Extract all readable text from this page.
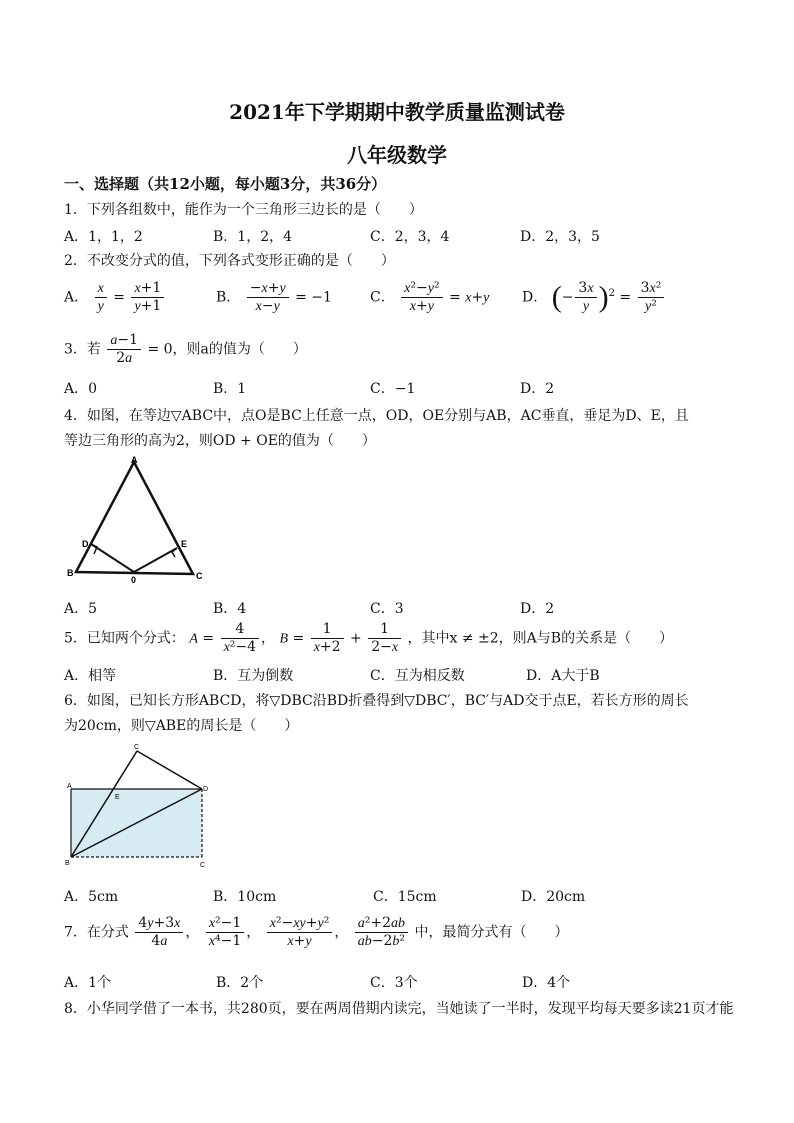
2021年下学期期中教学质量监测试卷
八年级数学
一、选择题（共12小题，每小题3分，共36分）
1．下列各组数中，能作为一个三角形三边长的是（　　）
A．1，1，2	B．1，2，4	C．2，3，4	D．2，3，5
2．不改变分式的值，下列各式变形正确的是（　　）
A． $\frac{x}{y} = \frac{x+1}{y+1}$	B． $\frac{-x+y}{x-y} = -1$	C． $\frac{\text{x²−y²}}{x+y} = x+y$ D． (− $\frac{3x}{y} )^2 = \frac{\text{3x²}}{\text{y²}}$
3．若 $\frac{a-1}{2a} = 0$，则a的值为（　　）
A．0	B．1	C．−1	D．2
4．如图，在等边▽ABC中，点O是BC上任意一点，OD，OE分别与AB，AC垂直，垂足为D、E，且
等边三角形的高为2，则OD + OE的值为（　　）
A
B	C
D	E
0
A．5	B．4	C．3	D．2
5．已知两个分式： $A = \frac{4}{\text{x²−4}}$ ， $B = \frac{1}{x+2} + \frac{1}{2-x}$ ，其中x ≠ ±2，则A与B的关系是（　　）
A．相等	B．互为倒数	C．互为相反数	D．A大于B
6．如图，已知长方形ABCD，将▽DBC沿BD折叠得到▽DBC′，BC′与AD交于点E，若长方形的周长
为20cm，则▽ABE的周长是（　　）
A
B	C
D
E
C
A．5cm	B．10cm	C．15cm	D．20cm
7．在分式 $\frac{4y+3x}{4a}$ ， $\frac{\text{x²−1}}{\text{x⁴−1}}$ ， $\frac{\text{x²−xy+y²}}{x+y}$ ， $\frac{\text{a²+2ab}}{\text{ab−2b²}}$ 中，最简分式有（　　）
A．1个	B．2个	C．3个	D．4个
8．小华同学借了一本书，共280页，要在两周借期内读完，当她读了一半时，发现平均每天要多读21页才能
